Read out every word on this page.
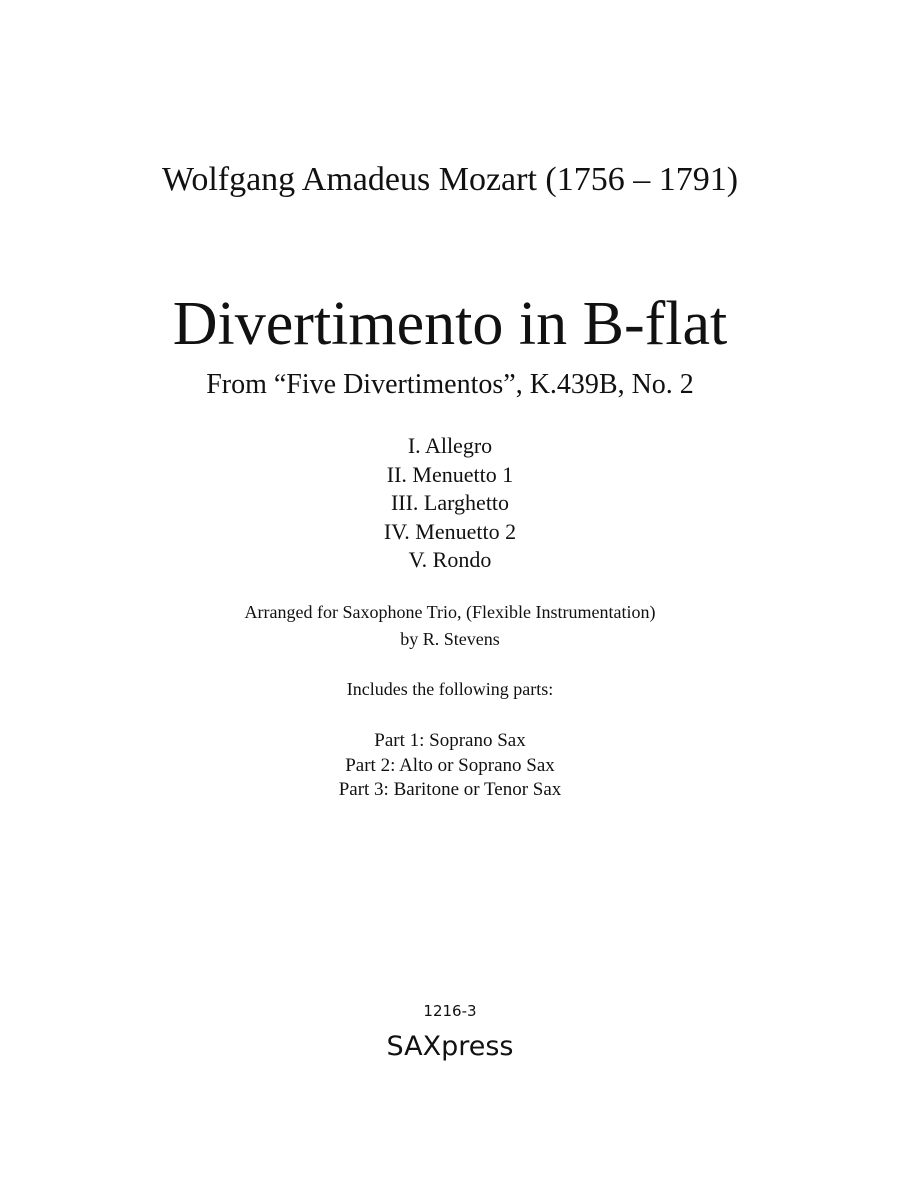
Wolfgang Amadeus Mozart (1756 – 1791)
Divertimento in B-flat
From “Five Divertimentos”, K.439B, No. 2
I. Allegro
II. Menuetto 1
III. Larghetto
IV. Menuetto 2
V. Rondo
Arranged for Saxophone Trio, (Flexible Instrumentation)
by R. Stevens
Includes the following parts:
Part 1: Soprano Sax
Part 2: Alto or Soprano Sax
Part 3: Baritone or Tenor Sax
1216-3
SAXpress
